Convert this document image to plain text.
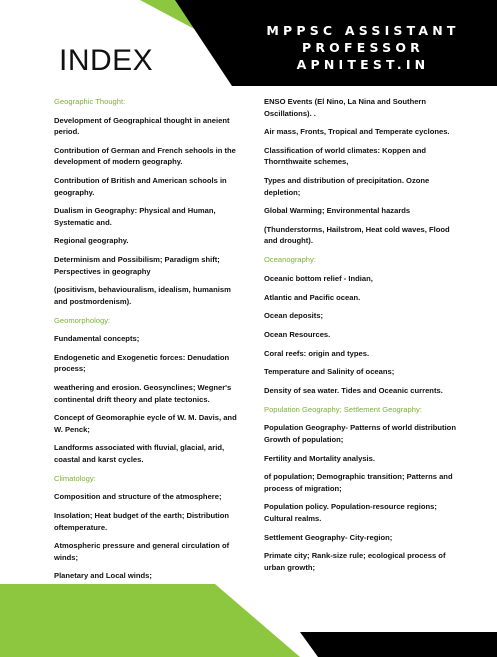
MPPSC ASSISTANT
PROFESSOR
APNITEST.IN
INDEX
Geographic Thought:
Development of Geographical thought in aneient period.
Contribution of German and French sehools in the development of modern geography.
Contribution of British and American schools in geography.
Dualism in Geography: Physical and Human, Systematic and.
Regional geography.
Determinism and Possibilism; Paradigm shift; Perspectives in geography
(positivism, behaviouralism, idealism, humanism and postmordenism).
Geomorphology:
Fundamental concepts;
Endogenetic and Exogenetic forces: Denudation process;
weathering and erosion. Geosynclines; Wegner's continental drift theory and plate tectonics.
Concept of Geomoraphie eycle of W. M. Davis, and W. Penck;
Landforms associated with fluvial, glacial, arid, coastal and karst cycles.
Climatology:
Composition and structure of the atmosphere;
Insolation; Heat budget of the earth; Distribution oftemperature.
Atmospheric pressure and general circulation of winds;
Planetary and Local winds;
ENSO Events (El Nino, La Nina and Southern Oscillations). .
Air mass, Fronts, Tropical and Temperate cyclones.
Classification of world climates: Koppen and Thornthwaite schemes,
Types and distribution of precipitation. Ozone depletion;
Global Warming; Environmental hazards
(Thunderstorms, Hailstrom, Heat cold waves, Flood and drought).
Oceanography:
Oceanic bottom relief - Indian,
Atlantic and Pacific ocean.
Ocean deposits;
Ocean Resources.
Coral reefs: origin and types.
Temperature and Salinity of oceans;
Density of sea water. Tides and Oceanic currents.
Population Geography; Settlement Geography:
Population Geography- Patterns of world distribution Growth of population;
Fertility and Mortality analysis.
of population; Demographic transition; Patterns and process of migration;
Population policy. Population-resource regions; Cultural realms.
Settlement Geography- City-region;
Primate city; Rank-size rule; ecological process of urban growth;
